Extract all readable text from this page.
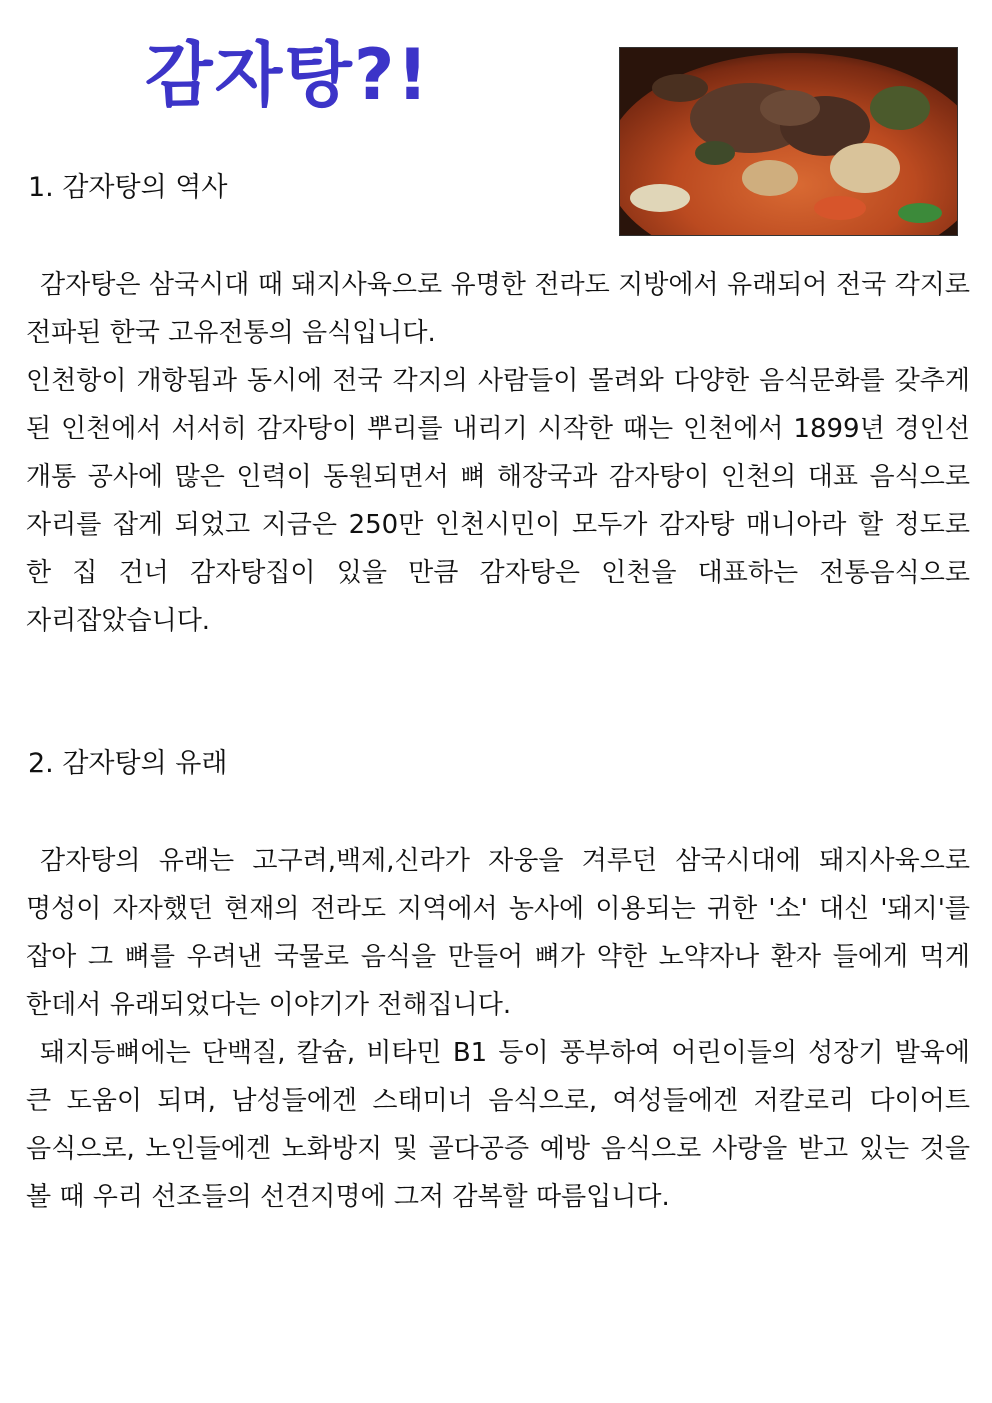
감자탕?!
1. 감자탕의 역사

감자탕은 삼국시대 때 돼지사육으로 유명한 전라도 지방에서 유래되어 전국 각지로 전파된 한국 고유전통의 음식입니다.

인천항이 개항됨과 동시에 전국 각지의 사람들이 몰려와 다양한 음식문화를 갖추게 된 인천에서 서서히 감자탕이 뿌리를 내리기 시작한 때는 인천에서 1899년 경인선 개통 공사에 많은 인력이 동원되면서 뼈 해장국과 감자탕이 인천의 대표 음식으로 자리를 잡게 되었고 지금은 250만 인천시민이 모두가 감자탕 매니아라 할 정도로 한 집 건너 감자탕집이 있을 만큼 감자탕은 인천을 대표하는 전통음식으로 자리잡았습니다.

2. 감자탕의 유래

감자탕의 유래는 고구려,백제,신라가 자웅을 겨루던 삼국시대에 돼지사육으로 명성이 자자했던 현재의 전라도 지역에서 농사에 이용되는 귀한 '소' 대신 '돼지'를 잡아 그 뼈를 우려낸 국물로 음식을 만들어 뼈가 약한 노약자나 환자 들에게 먹게 한데서 유래되었다는 이야기가 전해집니다.

돼지등뼈에는 단백질, 칼슘, 비타민 B1 등이 풍부하여 어린이들의 성장기 발육에 큰 도움이 되며, 남성들에겐 스태미너 음식으로, 여성들에겐 저칼로리 다이어트 음식으로, 노인들에겐 노화방지 및 골다공증 예방 음식으로 사랑을 받고 있는 것을 볼 때 우리 선조들의 선견지명에 그저 감복할 따름입니다.
